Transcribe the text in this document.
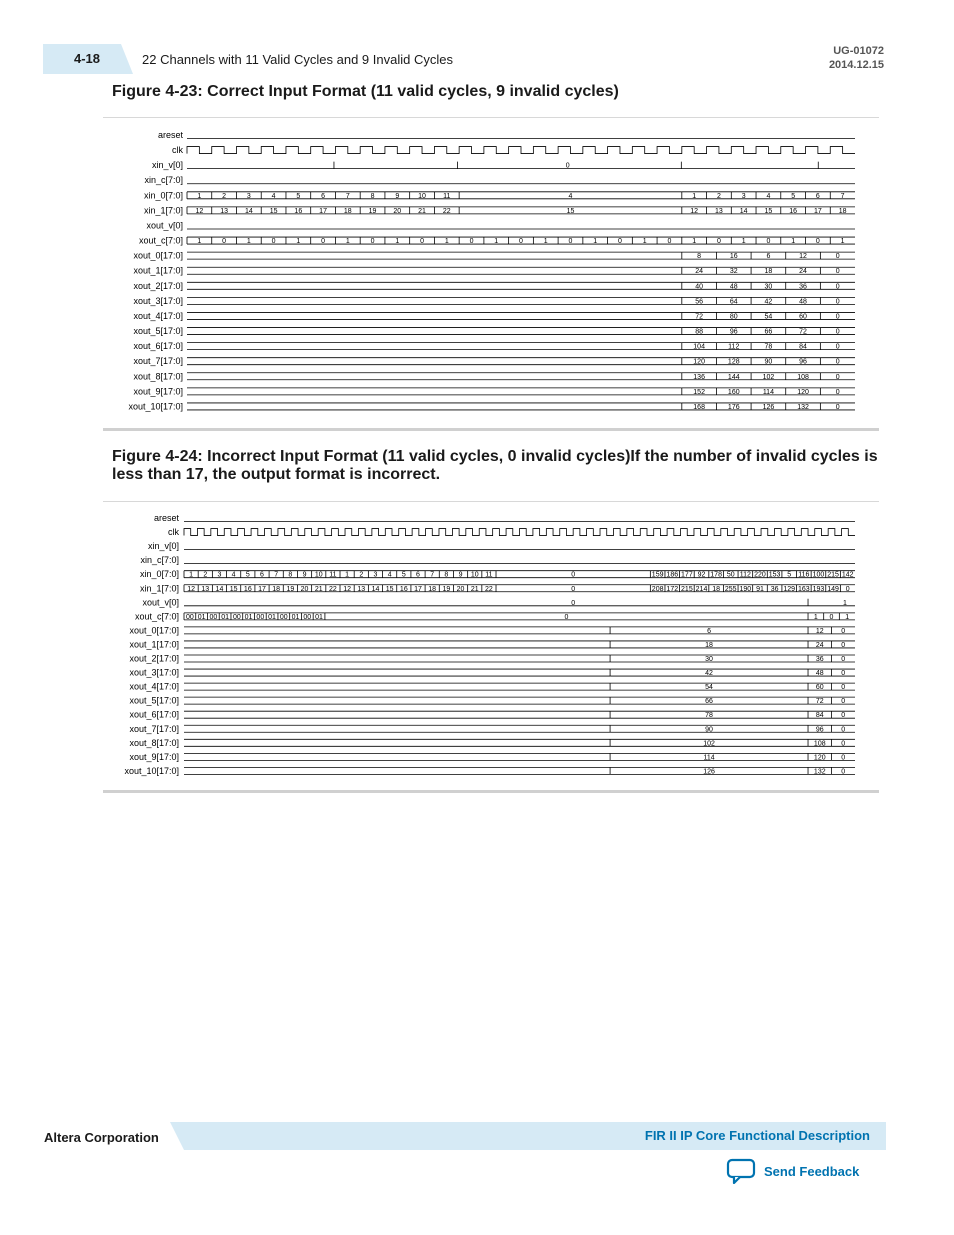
4-18	22 Channels with 11 Valid Cycles and 9 Invalid Cycles
UG-01072
2014.12.15
Figure 4-23: Correct Input Format (11 valid cycles, 9 invalid cycles)
areset
clk
xin_v[0]	0
xin_c[7:0]
xin_0[7:0] 1	2	3	4	5	6	7	8	9	10 11	4	1	2	3	4	5	6	7
xin_1[7:0] 12 13 14 15 16 17 18 19 20 21 22	15	12 13 14 15 16 17 18
xout_v[0]
xout_c[7:0] 1	0	1	0	1	0	1	0	1	0	1	0	1	0	1	0	1	0	1	0	1	0	1	0	1	0	1
xout_0[17:0]	8	16	6	12	0
xout_1[17:0]	24	32	18	24	0
xout_2[17:0]	40	48	30	36	0
xout_3[17:0]	56	64	42	48	0
xout_4[17:0]	72	80	54	60	0
xout_5[17:0]	88	96	66	72	0
xout_6[17:0]	104	112	78	84	0
xout_7[17:0]	120	128	90	96	0
xout_8[17:0]	136	144	102	108	0
xout_9[17:0]	152	160	114	120	0
xout_10[17:0]	168	176	126	132	0
Figure 4-24: Incorrect Input Format (11 valid cycles, 0 invalid cycles)If the number of invalid cycles is
less than 17, the output format is incorrect.
areset
clk
xin_v[0]
xin_c[7:0]
xin_0[7:0] 1 2 3 4 5 6 7 8 9 10 11 1 2 3 4 5 6 7 8 9 10 11	0	159 186 177 92 178 50 112 220 153 5 116 100 215 142
xin_1[7:0] 12 13 14 15 16 17 18 19 20 21 22 12 13 14 15 16 17 18 19 20 21 22	0	208 172 215 214 18 255 190 91 36 129 163 193 149 0
xout_v[0]	0	1
xout_c[7:0] 00 01 00 01 00 01 00 01 00 01 00 01	0	1 0 1
xout_0[17:0]	6	12	0
xout_1[17:0]	18	24	0
xout_2[17:0]	30	36	0
xout_3[17:0]	42	48	0
xout_4[17:0]	54	60	0
xout_5[17:0]	66	72	0
xout_6[17:0]	78	84	0
xout_7[17:0]	90	96	0
xout_8[17:0]	102	108 0
xout_9[17:0]	114	120 0
xout_10[17:0]	126	132 0
Altera Corporation	FIR II IP Core Functional Description
Send Feedback
